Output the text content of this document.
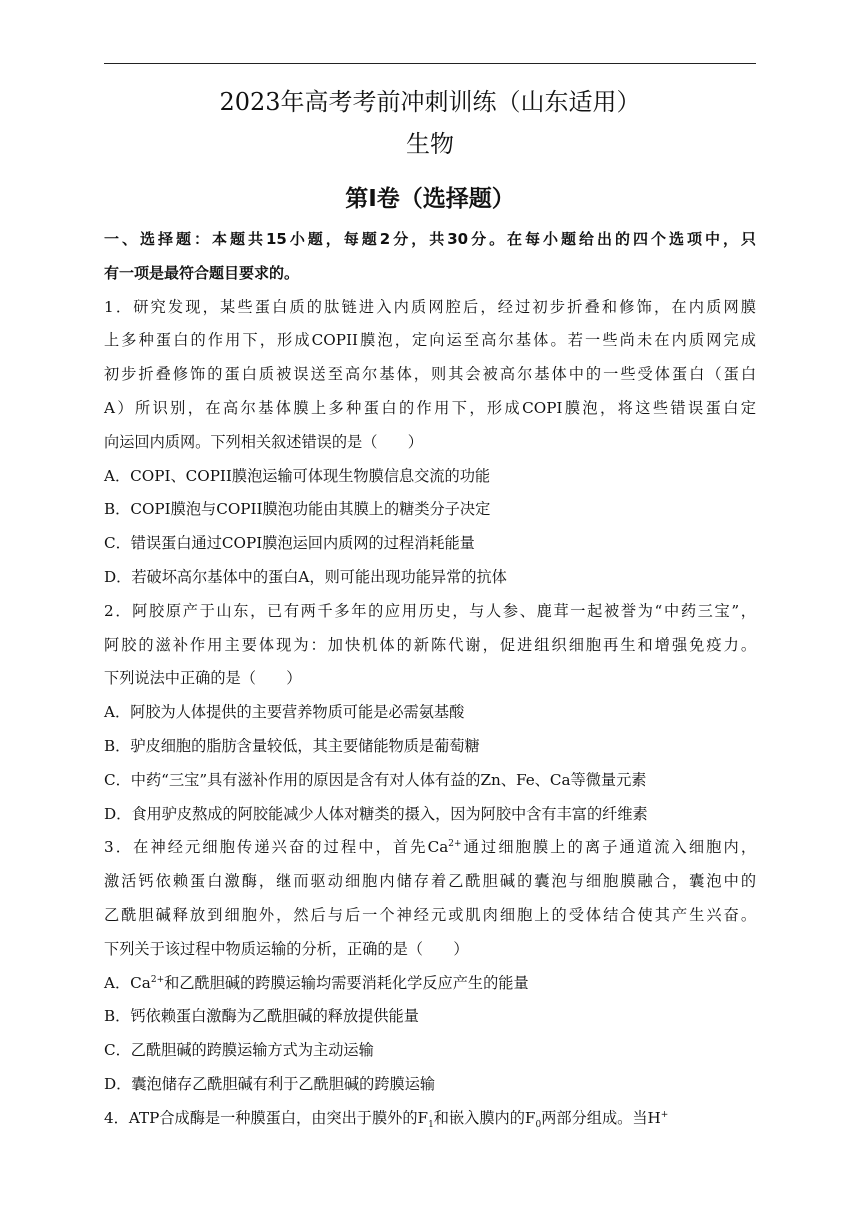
2023年高考考前冲刺训练（山东适用）
生物
第Ⅰ卷（选择题）
一、选择题：本题共15小题，每题2分，共30分。在每小题给出的四个选项中，只
有一项是最符合题目要求的。
1．研究发现，某些蛋白质的肽链进入内质网腔后，经过初步折叠和修饰，在内质网膜
上多种蛋白的作用下，形成COPII膜泡，定向运至高尔基体。若一些尚未在内质网完成
初步折叠修饰的蛋白质被误送至高尔基体，则其会被高尔基体中的一些受体蛋白（蛋白
A）所识别，在高尔基体膜上多种蛋白的作用下，形成COPI膜泡，将这些错误蛋白定
向运回内质网。下列相关叙述错误的是（　　）
A．COPI、COPII膜泡运输可体现生物膜信息交流的功能
B．COPI膜泡与COPII膜泡功能由其膜上的糖类分子决定
C．错误蛋白通过COPI膜泡运回内质网的过程消耗能量
D．若破坏高尔基体中的蛋白A，则可能出现功能异常的抗体
2．阿胶原产于山东，已有两千多年的应用历史，与人参、鹿茸一起被誉为“中药三宝”，
阿胶的滋补作用主要体现为：加快机体的新陈代谢，促进组织细胞再生和增强免疫力。
下列说法中正确的是（　　）
A．阿胶为人体提供的主要营养物质可能是必需氨基酸
B．驴皮细胞的脂肪含量较低，其主要储能物质是葡萄糖
C．中药“三宝”具有滋补作用的原因是含有对人体有益的Zn、Fe、Ca等微量元素
D．食用驴皮熬成的阿胶能减少人体对糖类的摄入，因为阿胶中含有丰富的纤维素
3．在神经元细胞传递兴奋的过程中，首先$Ca^{2+}$通过细胞膜上的离子通道流入细胞内，
激活钙依赖蛋白激酶，继而驱动细胞内储存着乙酰胆碱的囊泡与细胞膜融合，囊泡中的
乙酰胆碱释放到细胞外，然后与后一个神经元或肌肉细胞上的受体结合使其产生兴奋。
下列关于该过程中物质运输的分析，正确的是（　　）
A．$Ca^{2+}$和乙酰胆碱的跨膜运输均需要消耗化学反应产生的能量
B．钙依赖蛋白激酶为乙酰胆碱的释放提供能量
C．乙酰胆碱的跨膜运输方式为主动运输
D．囊泡储存乙酰胆碱有利于乙酰胆碱的跨膜运输
4．ATP合成酶是一种膜蛋白，由突出于膜外的$F_1$和嵌入膜内的$F_0$两部分组成。当H+
